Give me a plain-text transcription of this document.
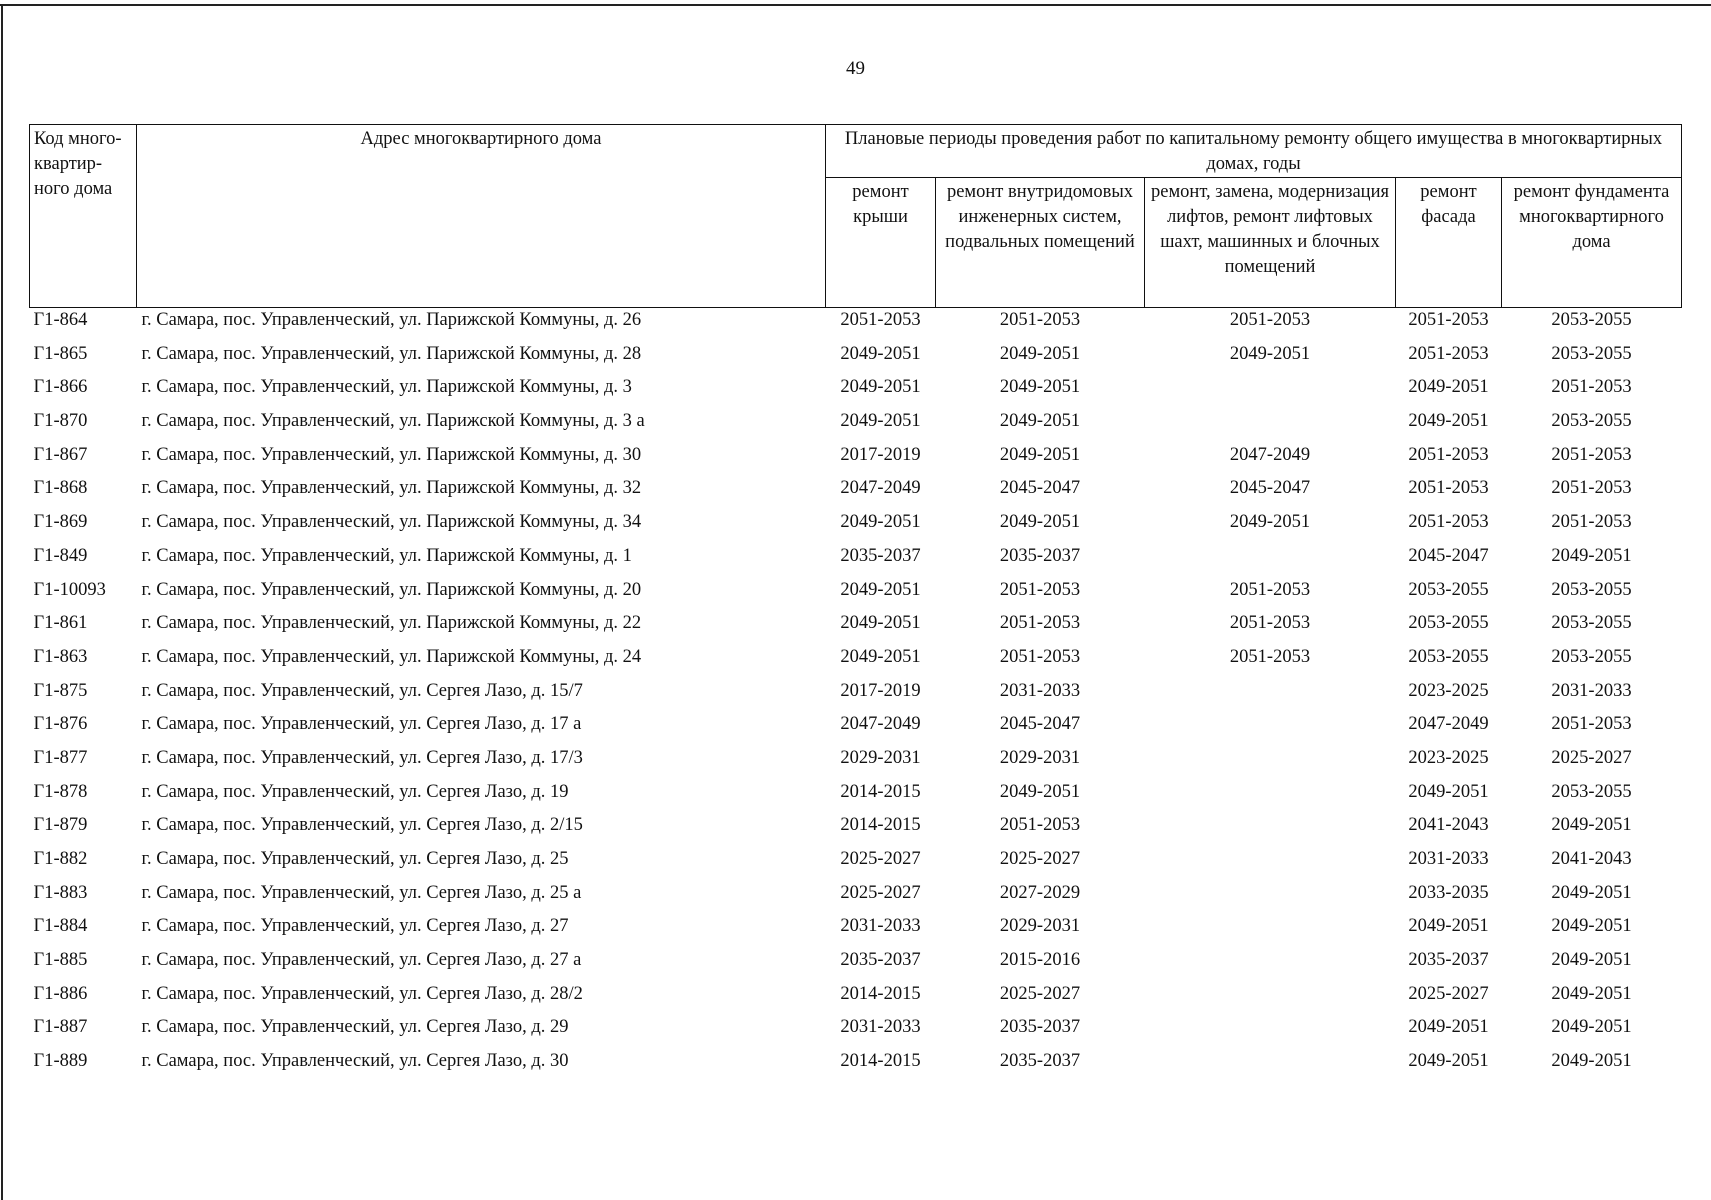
49
Код много-квартир-ного дома	Адрес многоквартирного дома	Плановые периоды проведения работ по капитальному ремонту общего имущества в многоквартирных домах, годы				
		ремонт крыши	ремонт внутридомовых инженерных систем, подвальных помещений	ремонт, замена, модернизация лифтов, ремонт лифтовых шахт, машинных и блочных помещений	ремонт фасада	ремонт фундамента многоквартирного дома
Г1-864	г. Самара, пос. Управленческий, ул. Парижской Коммуны, д. 26	2051-2053	2051-2053	2051-2053	2051-2053	2053-2055
Г1-865	г. Самара, пос. Управленческий, ул. Парижской Коммуны, д. 28	2049-2051	2049-2051	2049-2051	2051-2053	2053-2055
Г1-866	г. Самара, пос. Управленческий, ул. Парижской Коммуны, д. 3	2049-2051	2049-2051		2049-2051	2051-2053
Г1-870	г. Самара, пос. Управленческий, ул. Парижской Коммуны, д. 3 а	2049-2051	2049-2051		2049-2051	2053-2055
Г1-867	г. Самара, пос. Управленческий, ул. Парижской Коммуны, д. 30	2017-2019	2049-2051	2047-2049	2051-2053	2051-2053
Г1-868	г. Самара, пос. Управленческий, ул. Парижской Коммуны, д. 32	2047-2049	2045-2047	2045-2047	2051-2053	2051-2053
Г1-869	г. Самара, пос. Управленческий, ул. Парижской Коммуны, д. 34	2049-2051	2049-2051	2049-2051	2051-2053	2051-2053
Г1-849	г. Самара, пос. Управленческий, ул. Парижской Коммуны, д. 1	2035-2037	2035-2037		2045-2047	2049-2051
Г1-10093	г. Самара, пос. Управленческий, ул. Парижской Коммуны, д. 20	2049-2051	2051-2053	2051-2053	2053-2055	2053-2055
Г1-861	г. Самара, пос. Управленческий, ул. Парижской Коммуны, д. 22	2049-2051	2051-2053	2051-2053	2053-2055	2053-2055
Г1-863	г. Самара, пос. Управленческий, ул. Парижской Коммуны, д. 24	2049-2051	2051-2053	2051-2053	2053-2055	2053-2055
Г1-875	г. Самара, пос. Управленческий, ул. Сергея Лазо, д. 15/7	2017-2019	2031-2033		2023-2025	2031-2033
Г1-876	г. Самара, пос. Управленческий, ул. Сергея Лазо, д. 17 а	2047-2049	2045-2047		2047-2049	2051-2053
Г1-877	г. Самара, пос. Управленческий, ул. Сергея Лазо, д. 17/3	2029-2031	2029-2031		2023-2025	2025-2027
Г1-878	г. Самара, пос. Управленческий, ул. Сергея Лазо, д. 19	2014-2015	2049-2051		2049-2051	2053-2055
Г1-879	г. Самара, пос. Управленческий, ул. Сергея Лазо, д. 2/15	2014-2015	2051-2053		2041-2043	2049-2051
Г1-882	г. Самара, пос. Управленческий, ул. Сергея Лазо, д. 25	2025-2027	2025-2027		2031-2033	2041-2043
Г1-883	г. Самара, пос. Управленческий, ул. Сергея Лазо, д. 25 а	2025-2027	2027-2029		2033-2035	2049-2051
Г1-884	г. Самара, пос. Управленческий, ул. Сергея Лазо, д. 27	2031-2033	2029-2031		2049-2051	2049-2051
Г1-885	г. Самара, пос. Управленческий, ул. Сергея Лазо, д. 27 а	2035-2037	2015-2016		2035-2037	2049-2051
Г1-886	г. Самара, пос. Управленческий, ул. Сергея Лазо, д. 28/2	2014-2015	2025-2027		2025-2027	2049-2051
Г1-887	г. Самара, пос. Управленческий, ул. Сергея Лазо, д. 29	2031-2033	2035-2037		2049-2051	2049-2051
Г1-889	г. Самара, пос. Управленческий, ул. Сергея Лазо, д. 30	2014-2015	2035-2037		2049-2051	2049-2051
